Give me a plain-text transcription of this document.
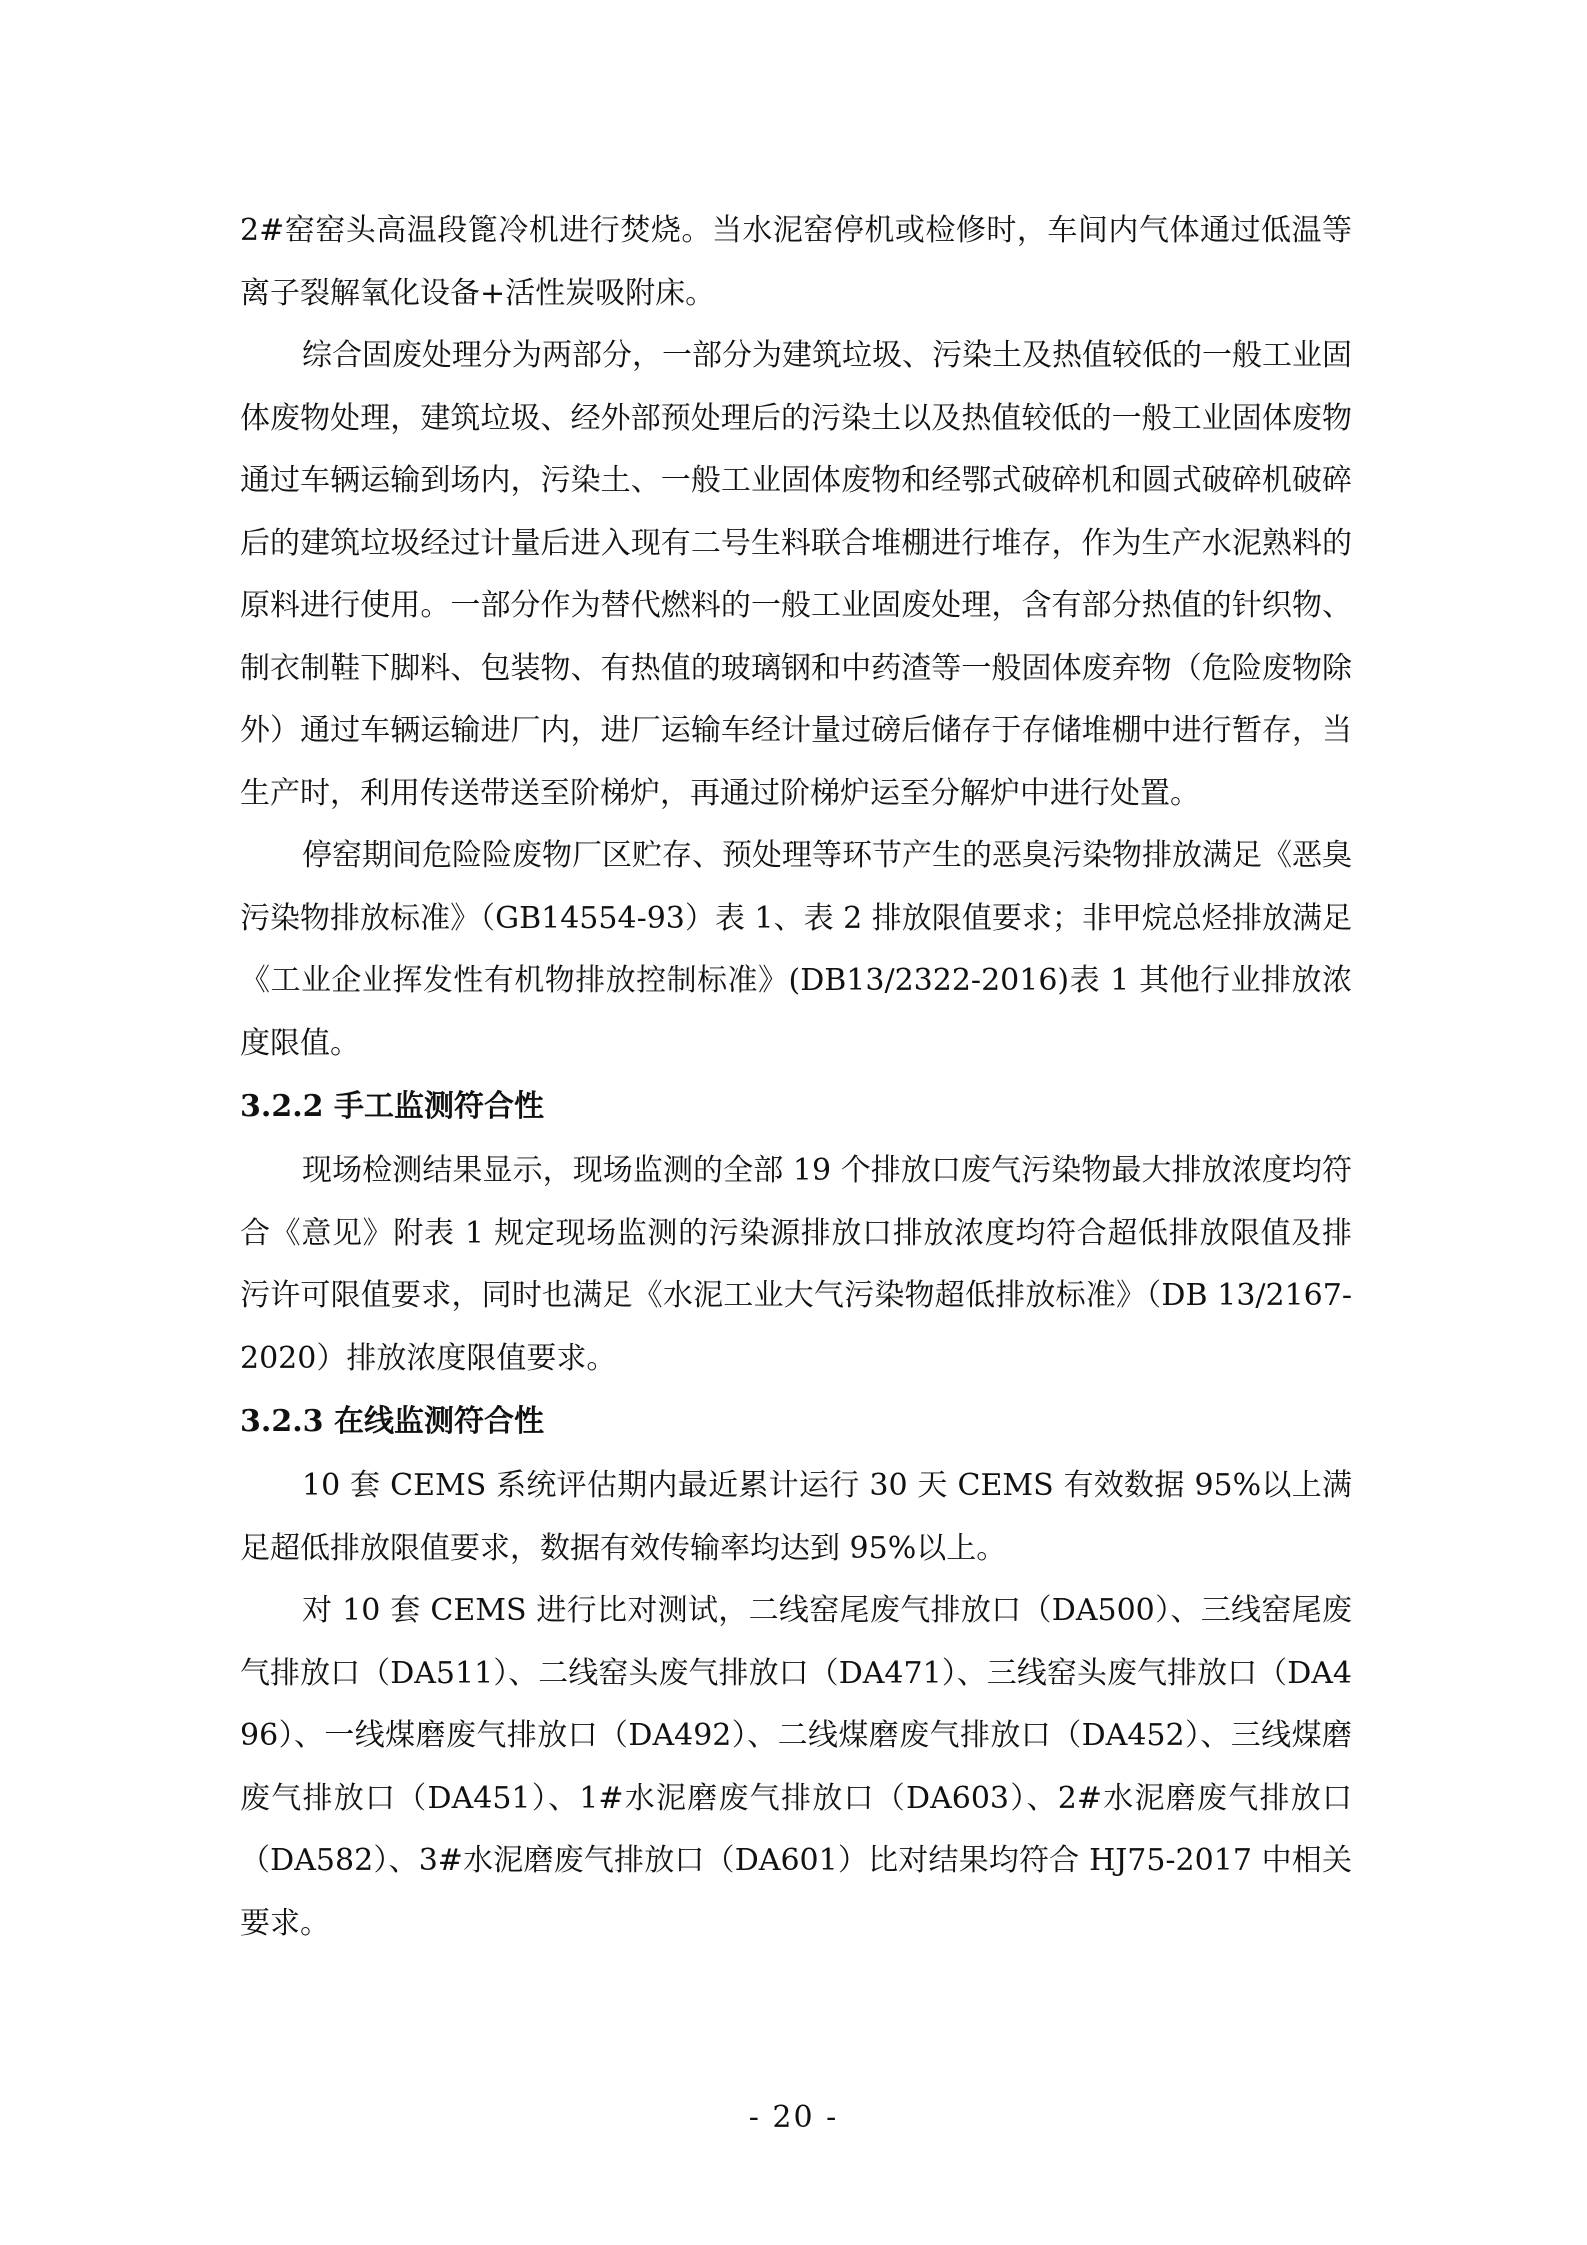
2#窑窑头高温段篦冷机进行焚烧。当水泥窑停机或检修时，车间内气体通过低温等离子裂解氧化设备+活性炭吸附床。

综合固废处理分为两部分，一部分为建筑垃圾、污染土及热值较低的一般工业固体废物处理，建筑垃圾、经外部预处理后的污染土以及热值较低的一般工业固体废物通过车辆运输到场内，污染土、一般工业固体废物和经鄂式破碎机和圆式破碎机破碎后的建筑垃圾经过计量后进入现有二号生料联合堆棚进行堆存，作为生产水泥熟料的原料进行使用。一部分作为替代燃料的一般工业固废处理，含有部分热值的针织物、制衣制鞋下脚料、包装物、有热值的玻璃钢和中药渣等一般固体废弃物（危险废物除外）通过车辆运输进厂内，进厂运输车经计量过磅后储存于存储堆棚中进行暂存，当生产时，利用传送带送至阶梯炉，再通过阶梯炉运至分解炉中进行处置。

停窑期间危险险废物厂区贮存、预处理等环节产生的恶臭污染物排放满足《恶臭污染物排放标准》（GB14554-93）表 1、表 2 排放限值要求；非甲烷总烃排放满足《工业企业挥发性有机物排放控制标准》(DB13/2322-2016)表 1 其他行业排放浓度限值。

3.2.2 手工监测符合性

现场检测结果显示，现场监测的全部 19 个排放口废气污染物最大排放浓度均符合《意见》附表 1 规定现场监测的污染源排放口排放浓度均符合超低排放限值及排污许可限值要求，同时也满足《水泥工业大气污染物超低排放标准》（DB 13/2167-2020）排放浓度限值要求。

3.2.3 在线监测符合性

10 套 CEMS 系统评估期内最近累计运行 30 天 CEMS 有效数据 95%以上满足超低排放限值要求，数据有效传输率均达到 95%以上。

对 10 套 CEMS 进行比对测试，二线窑尾废气排放口（DA500）、三线窑尾废气排放口（DA511）、二线窑头废气排放口（DA471）、三线窑头废气排放口（DA496）、一线煤磨废气排放口（DA492）、二线煤磨废气排放口（DA452）、三线煤磨废气排放口（DA451）、1#水泥磨废气排放口（DA603）、2#水泥磨废气排放口（DA582）、3#水泥磨废气排放口（DA601）比对结果均符合 HJ75-2017 中相关要求。

- 20 -
